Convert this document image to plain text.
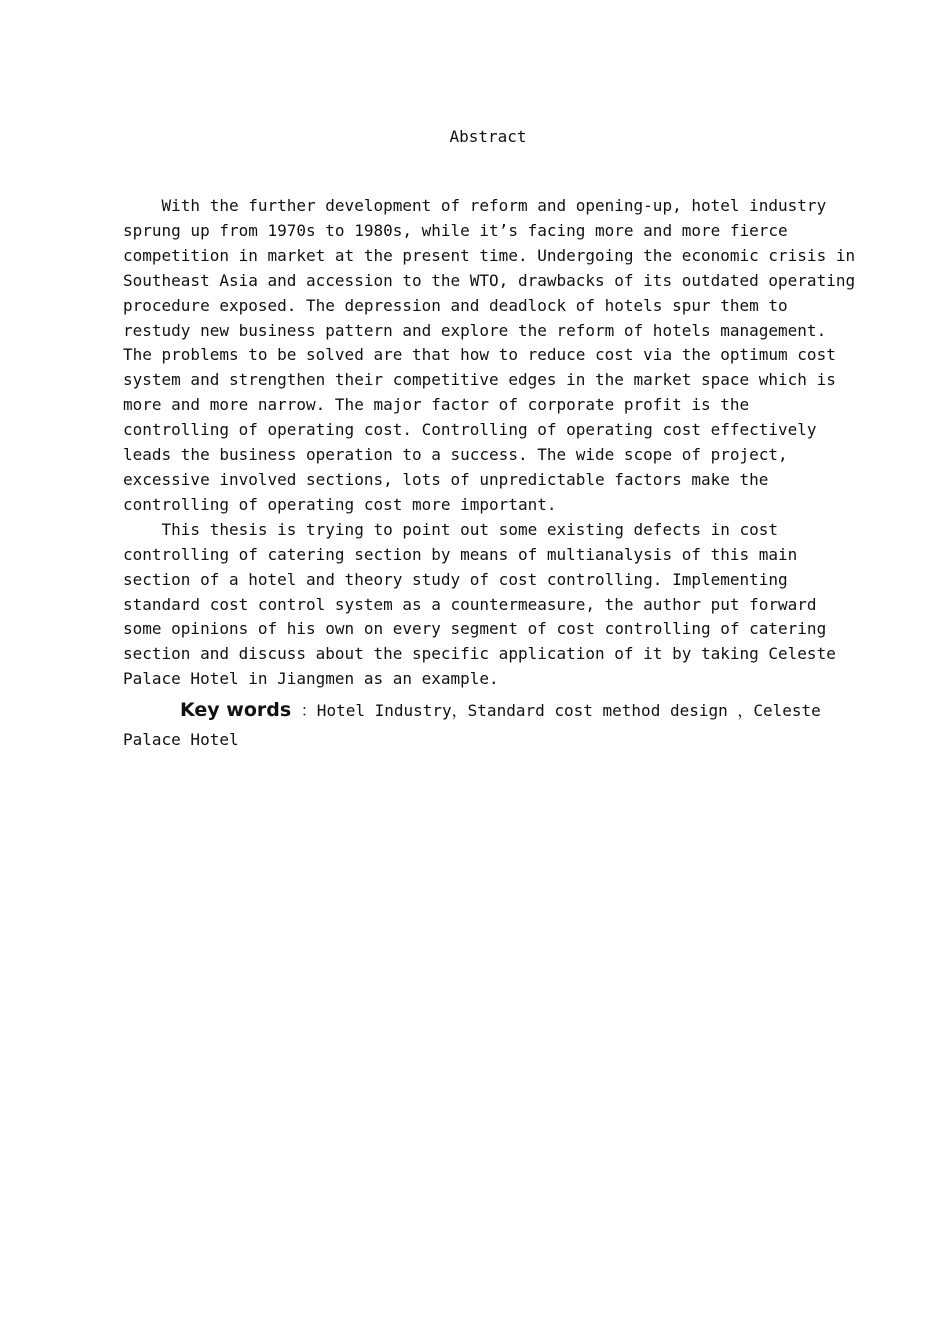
Abstract
With the further development of reform and opening-up, hotel industry
sprung up from 1970s to 1980s, while it’s facing more and more fierce
competition in market at the present time. Undergoing the economic crisis in
Southeast Asia and accession to the WTO, drawbacks of its outdated operating
procedure exposed. The depression and deadlock of hotels spur them to
restudy new business pattern and explore the reform of hotels management.
The problems to be solved are that how to reduce cost via the optimum cost
system and strengthen their competitive edges in the market space which is
more and more narrow. The major factor of corporate profit is the
controlling of operating cost. Controlling of operating cost effectively
leads the business operation to a success. The wide scope of project,
excessive involved sections, lots of unpredictable factors make the
controlling of operating cost more important.
This thesis is trying to point out some existing defects in cost
controlling of catering section by means of multianalysis of this main
section of a hotel and theory study of cost controlling. Implementing
standard cost control system as a countermeasure, the author put forward
some opinions of his own on every segment of cost controlling of catering
section and discuss about the specific application of it by taking Celeste
Palace Hotel in Jiangmen as an example.
Key words ：Hotel Industry，Standard cost method design ，Celeste
Palace Hotel
